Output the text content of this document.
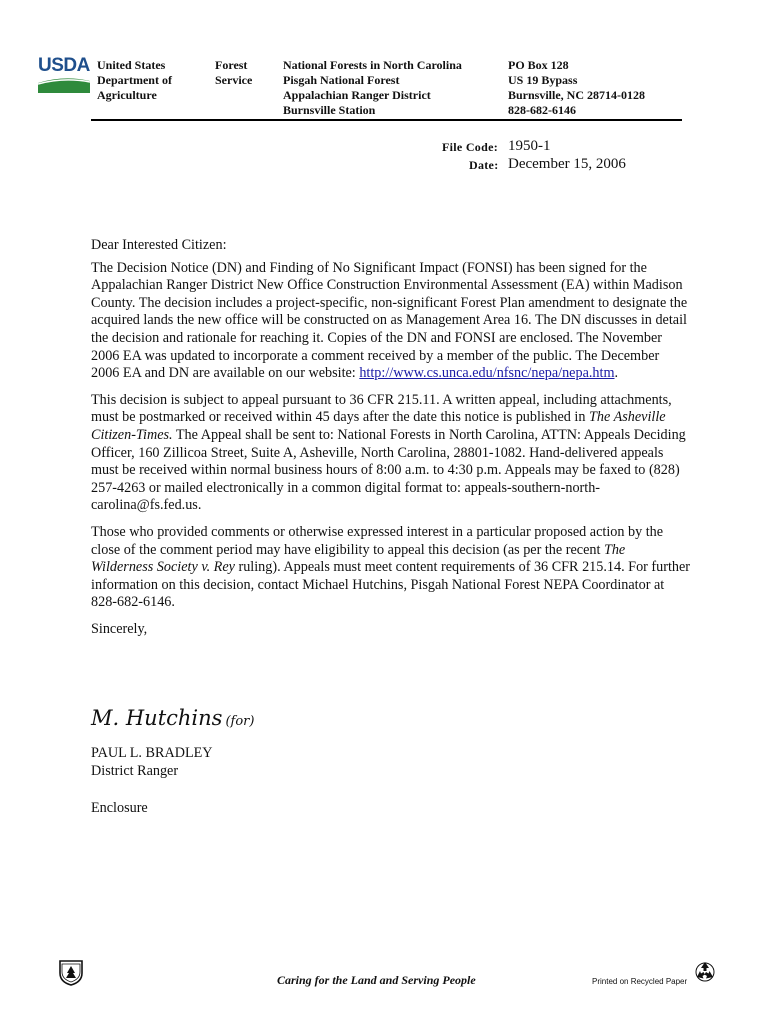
USDA United States
Department of
Agriculture
Forest
Service
National Forests in North Carolina
Pisgah National Forest
Appalachian Ranger District
Burnsville Station
PO Box 128
US 19 Bypass
Burnsville, NC 28714-0128
828-682-6146
File Code: 1950-1
Date: December 15, 2006

Dear Interested Citizen:

The Decision Notice (DN) and Finding of No Significant Impact (FONSI) has been signed for the Appalachian Ranger District New Office Construction Environmental Assessment (EA) within Madison County. The decision includes a project-specific, non-significant Forest Plan amendment to designate the acquired lands the new office will be constructed on as Management Area 16. The DN discusses in detail the decision and rationale for reaching it. Copies of the DN and FONSI are enclosed. The November 2006 EA was updated to incorporate a comment received by a member of the public. The December 2006 EA and DN are available on our website: http://www.cs.unca.edu/nfsnc/nepa/nepa.htm.

This decision is subject to appeal pursuant to 36 CFR 215.11. A written appeal, including attachments, must be postmarked or received within 45 days after the date this notice is published in The Asheville Citizen-Times. The Appeal shall be sent to: National Forests in North Carolina, ATTN: Appeals Deciding Officer, 160 Zillicoa Street, Suite A, Asheville, North Carolina, 28801-1082. Hand-delivered appeals must be received within normal business hours of 8:00 a.m. to 4:30 p.m. Appeals may be faxed to (828) 257-4263 or mailed electronically in a common digital format to: appeals-southern-north-carolina@fs.fed.us.

Those who provided comments or otherwise expressed interest in a particular proposed action by the close of the comment period may have eligibility to appeal this decision (as per the recent The Wilderness Society v. Rey ruling). Appeals must meet content requirements of 36 CFR 215.14. For further information on this decision, contact Michael Hutchins, Pisgah National Forest NEPA Coordinator at 828-682-6146.

Sincerely,

M. Hutchins (for)
PAUL L. BRADLEY
District Ranger
Enclosure
Caring for the Land and Serving People	Printed on Recycled Paper
